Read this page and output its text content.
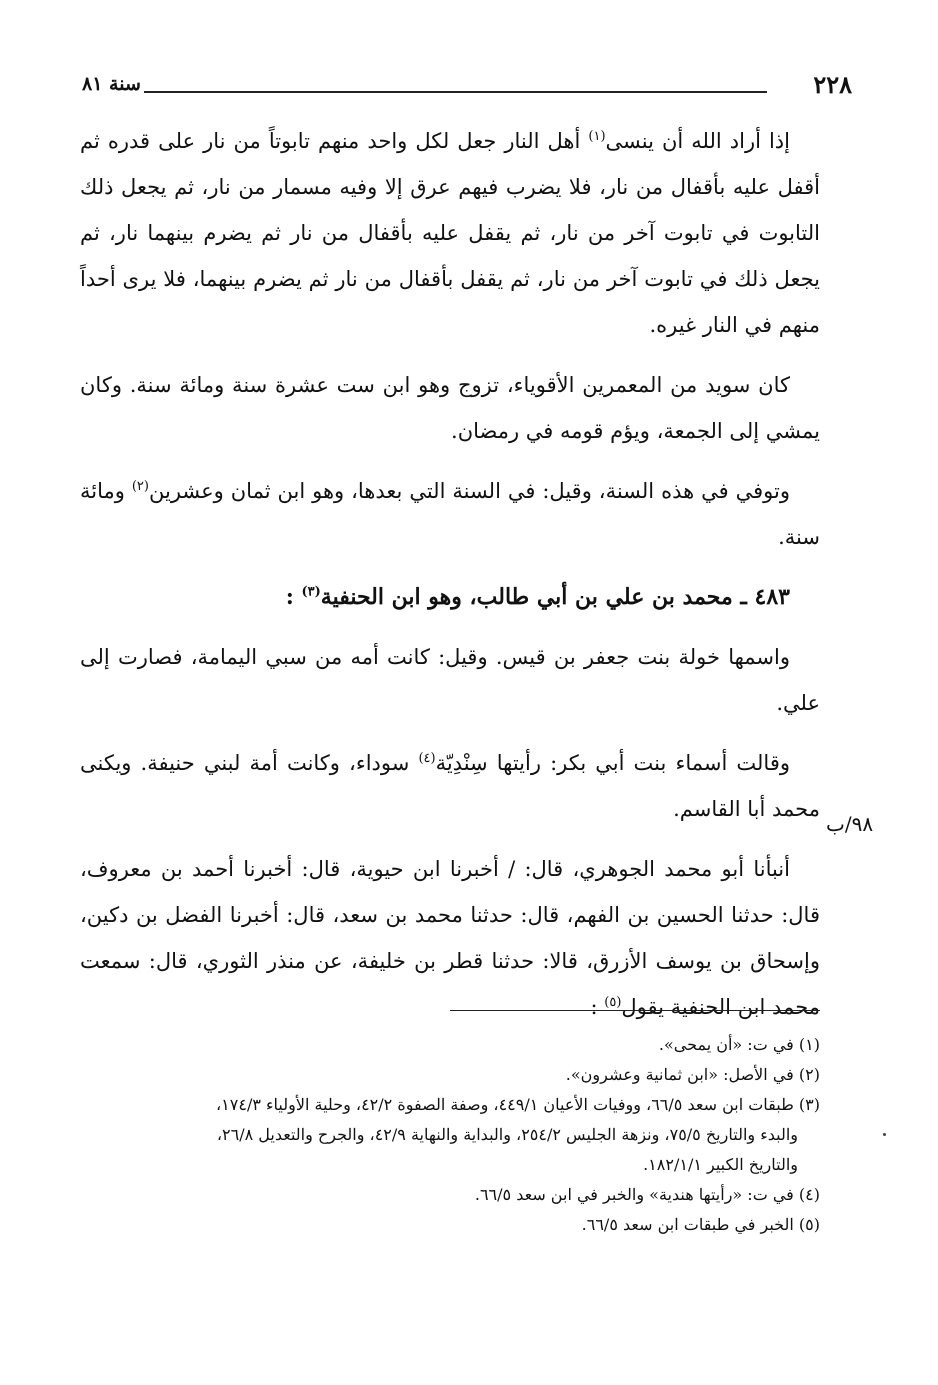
٢٢٨
سنة ٨١
٩٨/ب

إذا أراد الله أن ينسى$^{(١)}$ أهل النار جعل لكل واحد منهم تابوتاً من نار على قدره ثم أقفل عليه بأقفال من نار، فلا يضرب فيهم عرق إلا وفيه مسمار من نار، ثم يجعل ذلك التابوت في تابوت آخر من نار، ثم يقفل عليه بأقفال من نار ثم يضرم بينهما نار، ثم يجعل ذلك في تابوت آخر من نار، ثم يقفل بأقفال من نار ثم يضرم بينهما، فلا يرى أحداً منهم في النار غيره.

كان سويد من المعمرين الأقوياء، تزوج وهو ابن ست عشرة سنة ومائة سنة. وكان يمشي إلى الجمعة، ويؤم قومه في رمضان.

وتوفي في هذه السنة، وقيل: في السنة التي بعدها، وهو ابن ثمان وعشرين$^{(٢)}$ ومائة سنة.

٤٨٣ ـ محمد بن علي بن أبي طالب، وهو ابن الحنفية$^{(٣)}$ :

واسمها خولة بنت جعفر بن قيس. وقيل: كانت أمه من سبي اليمامة، فصارت إلى علي.

وقالت أسماء بنت أبي بكر: رأيتها سِنْدِيّة$^{(٤)}$ سوداء، وكانت أمة لبني حنيفة. ويكنى محمد أبا القاسم.

أنبأنا أبو محمد الجوهري، قال: / أخبرنا ابن حيوية، قال: أخبرنا أحمد بن معروف، قال: حدثنا الحسين بن الفهم، قال: حدثنا محمد بن سعد، قال: أخبرنا الفضل بن دكين، وإسحاق بن يوسف الأزرق، قالا: حدثنا قطر بن خليفة، عن منذر الثوري، قال: سمعت محمد ابن الحنفية يقول$^{(٥)}$ :

(١) في ت: «أن يمحى».

(٢) في الأصل: «ابن ثمانية وعشرون».

(٣) طبقات ابن سعد ٦٦/٥، ووفيات الأعيان ٤٤٩/١، وصفة الصفوة ٤٢/٢، وحلية الأولياء ١٧٤/٣،

والبدء والتاريخ ٧٥/٥، ونزهة الجليس ٢٥٤/٢، والبداية والنهاية ٤٢/٩، والجرح والتعديل ٢٦/٨،

والتاريخ الكبير ١٨٢/١/١.

(٤) في ت: «رأيتها هندية» والخبر في ابن سعد ٦٦/٥.

(٥) الخبر في طبقات ابن سعد ٦٦/٥.
